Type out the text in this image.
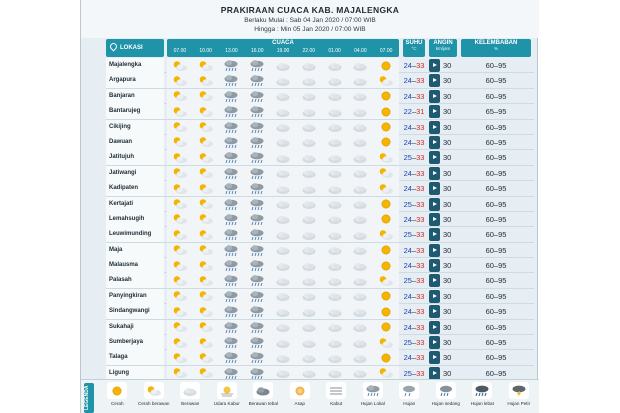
PRAKIRAAN CUACA KAB. MAJALENGKA
Berlaku Mulai : Sab 04 Jan 2020 / 07:00 WIB
Hingga : Min 05 Jan 2020 / 07:00 WIB
LOKASI
CUACA
07.00	10.00	13.00	16.00	19.00	22.00	01.00	04.00	07.00
SUHU
°C
ANGIN
km/jam
KELEMBABAN
%
Majalengka	24–33 30	60–95
Argapura	24–33 30	60–95
Banjaran	24–33 30	60–95
Bantarujeg	22–31 30	65–95
Cikijing	24–33 30	60–95
Dawuan	24–33 30	60–95
Jatitujuh	25–33 30	60–95
Jatiwangi	24–33 30	60–95
Kadipaten	24–33 30	60–95
Kertajati	25–33 30	60–95
Lemahsugih	24–33 30	60–95
Leuwimunding	25–33 30	60–95
Maja	24–33 30	60–95
Malausma	24–33 30	60–95
Palasah	25–33 30	60–95
Panyingkiran	24–33 30	60–95
Sindangwangi	24–33 30	60–95
Sukahaji	24–33 30	60–95
Sumberjaya	25–33 30	60–95
Talaga	24–33 30	60–95
Ligung	25–33 30	60–95
LEGENDA	Cerah	Cerah berawan	Berawan	Udara Kabur	Berawan tebal	Asap	Kabut	Hujan Lokal	Hujan	Hujan sedang	Hujan lebat	Hujan Petir
